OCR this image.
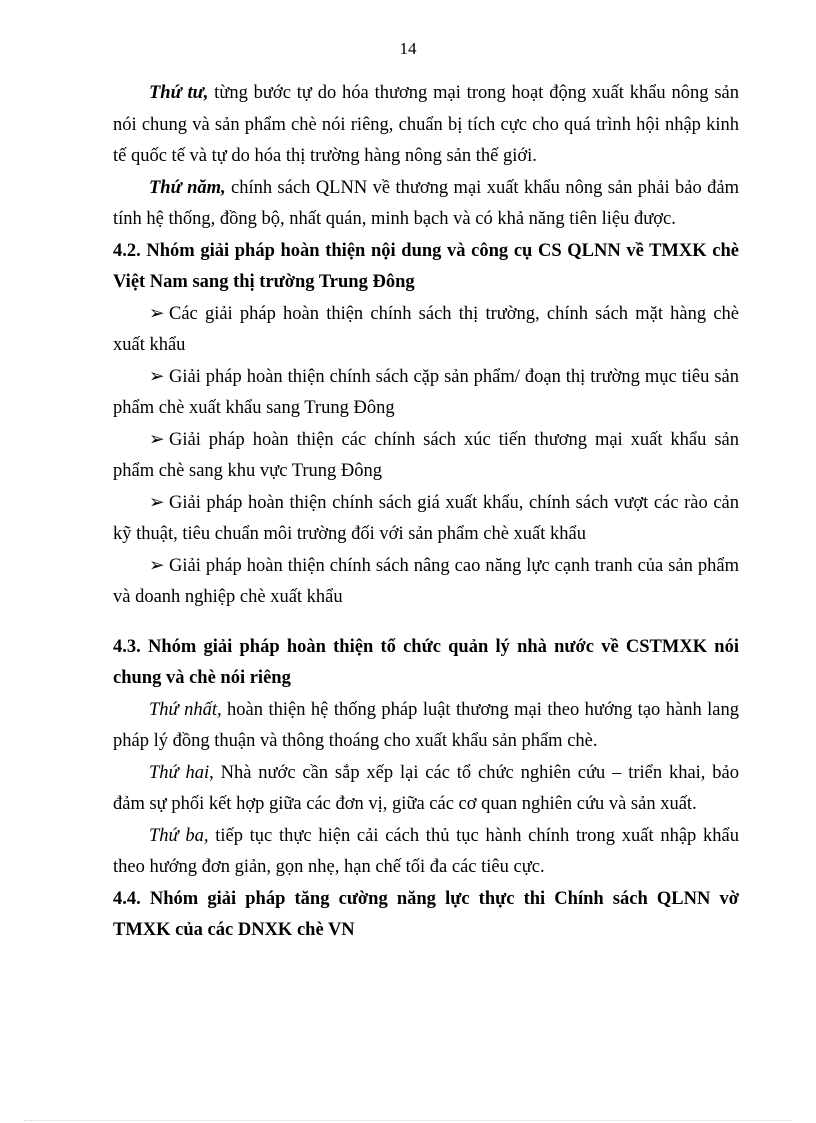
14

Thứ tư, từng bước tự do hóa thương mại trong hoạt động xuất khẩu nông sản nói chung và sản phẩm chè nói riêng, chuẩn bị tích cực cho quá trình hội nhập kinh tế quốc tế và tự do hóa thị trường hàng nông sản thế giới.

Thứ năm, chính sách QLNN về thương mại xuất khẩu nông sản phải bảo đảm tính hệ thống, đồng bộ, nhất quán, minh bạch và có khả năng tiên liệu được.

4.2. Nhóm giải pháp hoàn thiện nội dung và công cụ CS QLNN về TMXK chè Việt Nam sang thị trường Trung Đông

➢ Các giải pháp hoàn thiện chính sách thị trường, chính sách mặt hàng chè xuất khẩu

➢ Giải pháp hoàn thiện chính sách cặp sản phẩm/ đoạn thị trường mục tiêu sản phẩm chè xuất khẩu sang Trung Đông

➢ Giải pháp hoàn thiện các chính sách xúc tiến thương mại xuất khẩu sản phẩm chè sang khu vực Trung Đông

➢ Giải pháp hoàn thiện chính sách giá xuất khẩu, chính sách vượt các rào cản kỹ thuật, tiêu chuẩn môi trường đối với sản phẩm chè xuất khẩu

➢ Giải pháp hoàn thiện chính sách nâng cao năng lực cạnh tranh của sản phẩm và doanh nghiệp chè xuất khẩu

4.3. Nhóm giải pháp hoàn thiện tổ chức quản lý nhà nước về CSTMXK nói chung và chè nói riêng

Thứ nhất, hoàn thiện hệ thống pháp luật thương mại theo hướng tạo hành lang pháp lý đồng thuận và thông thoáng cho xuất khẩu sản phẩm chè.

Thứ hai, Nhà nước cần sắp xếp lại các tổ chức nghiên cứu – triển khai, bảo đảm sự phối kết hợp giữa các đơn vị, giữa các cơ quan nghiên cứu và sản xuất.

Thứ ba, tiếp tục thực hiện cải cách thủ tục hành chính trong xuất nhập khẩu theo hướng đơn giản, gọn nhẹ, hạn chế tối đa các tiêu cực.

4.4. Nhóm giải pháp tăng cường năng lực thực thi Chính sách QLNN vờ TMXK của các DNXK chè VN
